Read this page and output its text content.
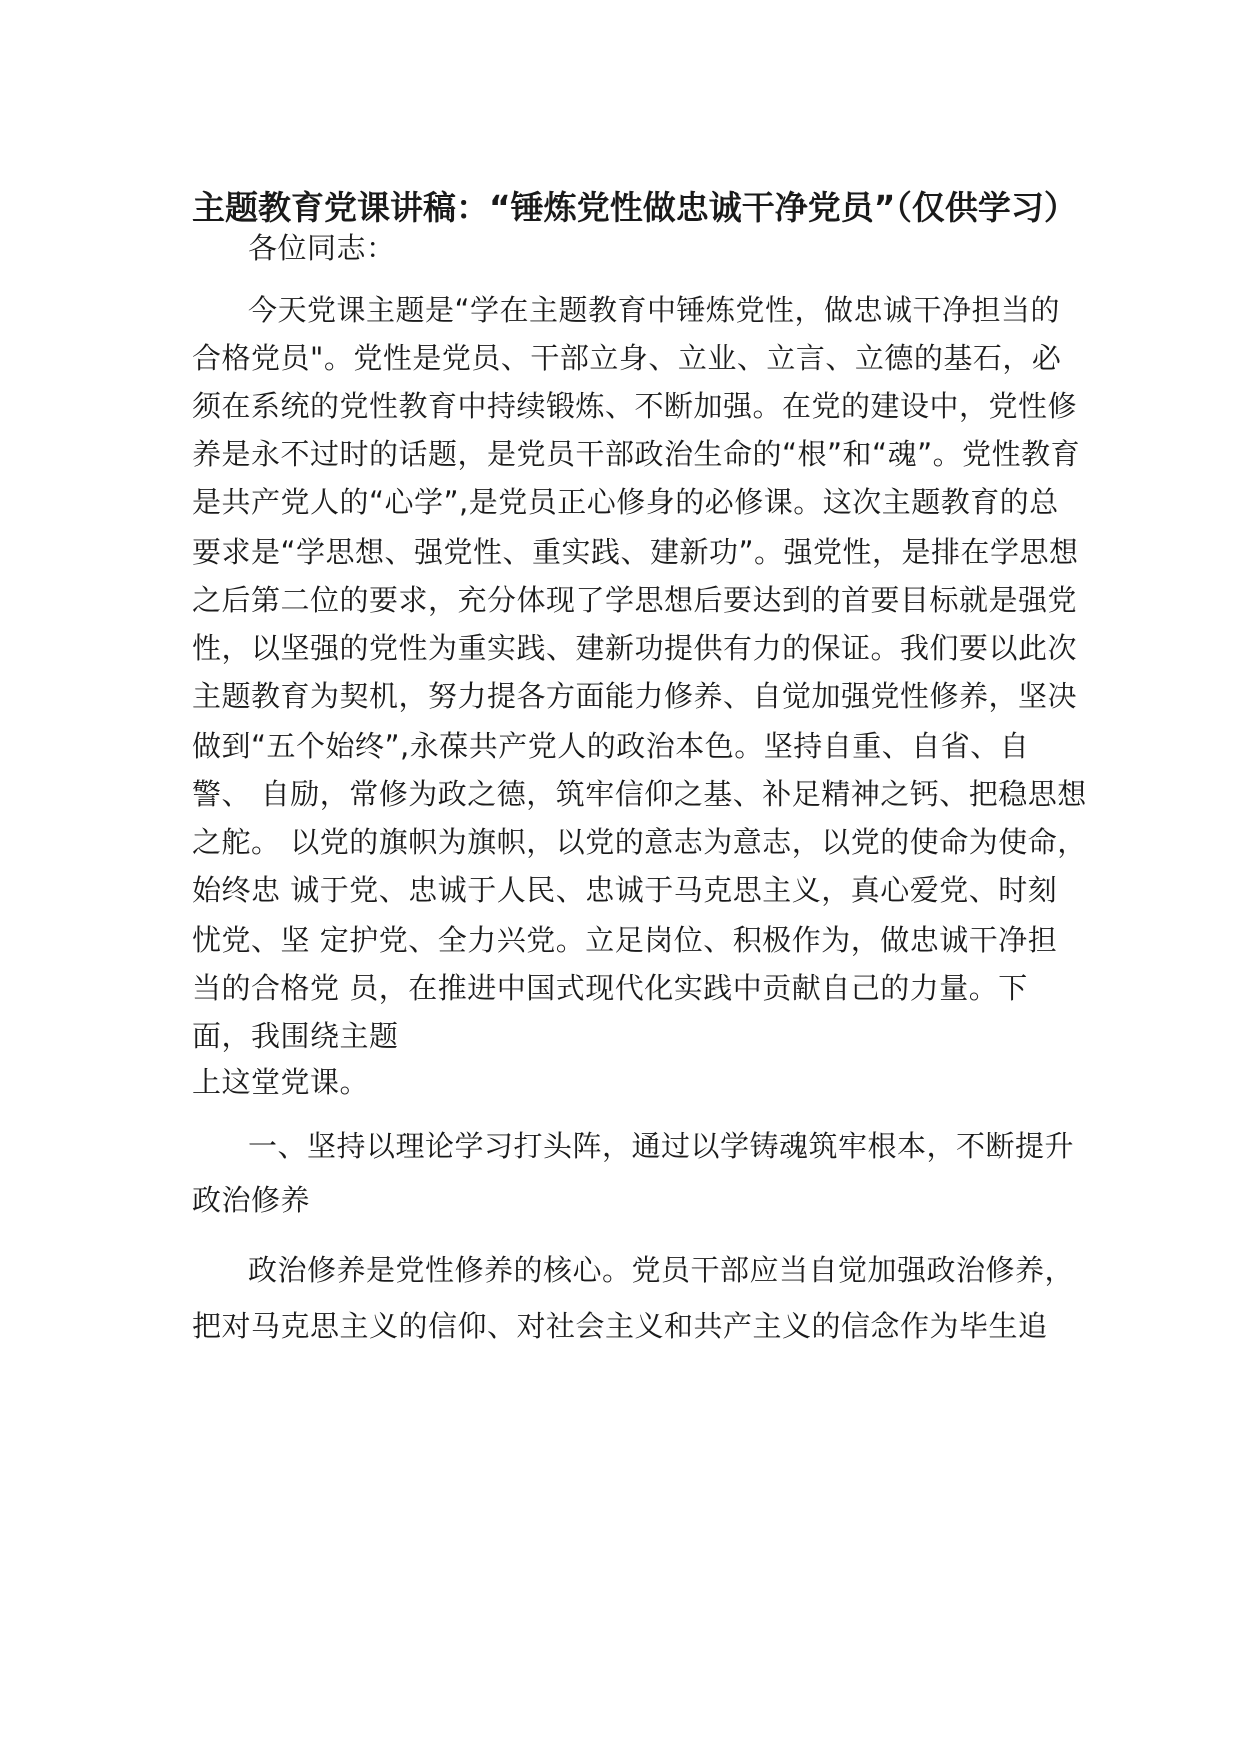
主题教育党课讲稿：“锤炼党性做忠诚干净党员”（仅供学习）

各位同志：

今天党课主题是“学在主题教育中锤炼党性，做忠诚干净担当的

合格党员"。党性是党员、干部立身、立业、立言、立德的基石，必

须在系统的党性教育中持续锻炼、不断加强。在党的建设中，党性修

养是永不过时的话题，是党员干部政治生命的“根”和“魂”。党性教育

是共产党人的“心学”,是党员正心修身的必修课。这次主题教育的总

要求是“学思想、强党性、重实践、建新功”。强党性，是排在学思想

之后第二位的要求，充分体现了学思想后要达到的首要目标就是强党

性，以坚强的党性为重实践、建新功提供有力的保证。我们要以此次

主题教育为契机，努力提各方面能力修养、自觉加强党性修养，坚决

做到“五个始终”,永葆共产党人的政治本色。坚持自重、自省、自

警、 自励，常修为政之德，筑牢信仰之基、补足精神之钙、把稳思想

之舵。 以党的旗帜为旗帜，以党的意志为意志，以党的使命为使命，

始终忠 诚于党、忠诚于人民、忠诚于马克思主义，真心爱党、时刻

忧党、坚 定护党、全力兴党。立足岗位、积极作为，做忠诚干净担

当的合格党 员，在推进中国式现代化实践中贡献自己的力量。下

面，我围绕主题

上这堂党课。

一、坚持以理论学习打头阵，通过以学铸魂筑牢根本，不断提升

政治修养

政治修养是党性修养的核心。党员干部应当自觉加强政治修养，

把对马克思主义的信仰、对社会主义和共产主义的信念作为毕生追
